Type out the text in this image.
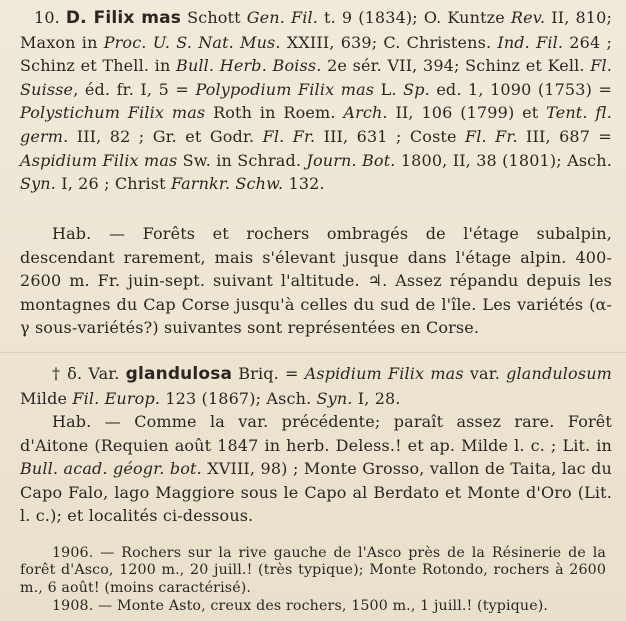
10. D. Filix mas Schott Gen. Fil. t. 9 (1834); O. Kuntze Rev. II, 810; Maxon in Proc. U. S. Nat. Mus. XXIII, 639; C. Christens. Ind. Fil. 264 ; Schinz et Thell. in Bull. Herb. Boiss. 2e sér. VII, 394; Schinz et Kell. Fl. Suisse, éd. fr. I, 5 = Polypodium Filix mas L. Sp. ed. 1, 1090 (1753) = Polystichum Filix mas Roth in Roem. Arch. II, 106 (1799) et Tent. fl. germ. III, 82 ; Gr. et Godr. Fl. Fr. III, 631 ; Coste Fl. Fr. III, 687 = Aspidium Filix mas Sw. in Schrad. Journ. Bot. 1800, II, 38 (1801); Asch. Syn. I, 26 ; Christ Farnkr. Schw. 132.

Hab. — Forêts et rochers ombragés de l'étage subalpin, descendant rarement, mais s'élevant jusque dans l'étage alpin. 400-2600 m. Fr. juin-sept. suivant l'altitude. ♃. Assez répandu depuis les montagnes du Cap Corse jusqu'à celles du sud de l'île. Les variétés (α-γ sous-variétés?) suivantes sont représentées en Corse.

† δ. Var. glandulosa Briq. = Aspidium Filix mas var. glandulosum Milde Fil. Europ. 123 (1867); Asch. Syn. I, 28.

Hab. — Comme la var. précédente; paraît assez rare. Forêt d'Aitone (Requien août 1847 in herb. Deless.! et ap. Milde l. c. ; Lit. in Bull. acad. géogr. bot. XVIII, 98) ; Monte Grosso, vallon de Taita, lac du Capo Falo, lago Maggiore sous le Capo al Berdato et Monte d'Oro (Lit. l. c.); et localités ci-dessous.

1906. — Rochers sur la rive gauche de l'Asco près de la Résinerie de la forêt d'Asco, 1200 m., 20 juill.! (très typique); Monte Rotondo, rochers à 2600 m., 6 août! (moins caractérisé).

1908. — Monte Asto, creux des rochers, 1500 m., 1 juill.! (typique).
